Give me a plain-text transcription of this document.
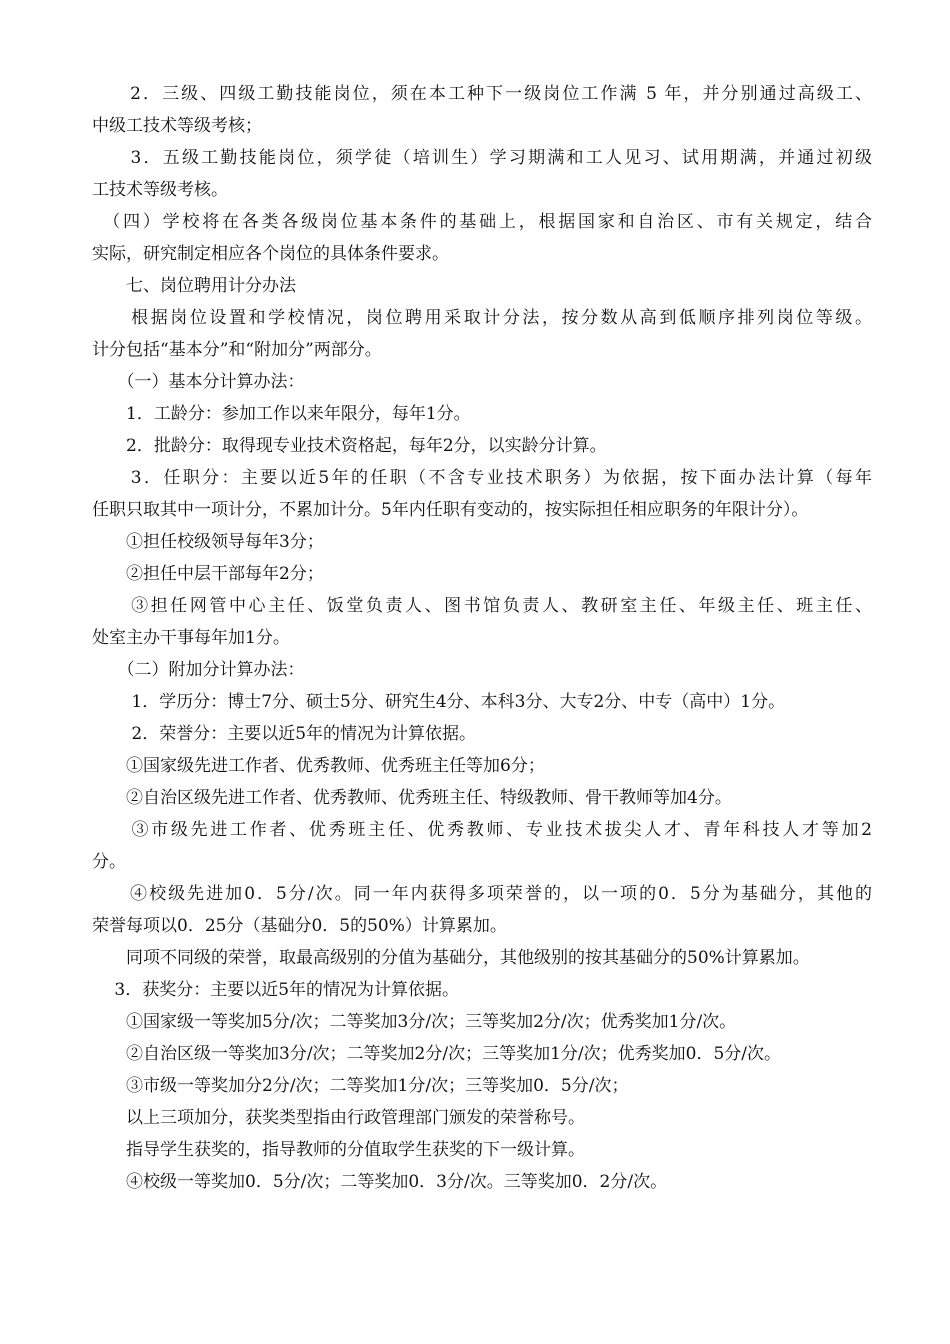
　　2．三级、四级工勤技能岗位，须在本工种下一级岗位工作满 5 年，并分别通过高级工、
中级工技术等级考核；
　　3．五级工勤技能岗位，须学徒（培训生）学习期满和工人见习、试用期满，并通过初级
工技术等级考核。
　（四）学校将在各类各级岗位基本条件的基础上，根据国家和自治区、市有关规定，结合
实际，研究制定相应各个岗位的具体条件要求。
　　七、岗位聘用计分办法
　　根据岗位设置和学校情况，岗位聘用采取计分法，按分数从高到低顺序排列岗位等级。
计分包括“基本分”和“附加分”两部分。
　　（一）基本分计算办法：
　　1．工龄分：参加工作以来年限分，每年1分。
　　2．批龄分：取得现专业技术资格起，每年2分，以实龄分计算。
　　3．任职分：主要以近5年的任职（不含专业技术职务）为依据，按下面办法计算（每年
任职只取其中一项计分，不累加计分。5年内任职有变动的，按实际担任相应职务的年限计分）。
　　①担任校级领导每年3分；
　　②担任中层干部每年2分；
　　③担任网管中心主任、饭堂负责人、图书馆负责人、教研室主任、年级主任、班主任、
处室主办干事每年加1分。
　　（二）附加分计算办法：
　　 1．学历分：博士7分、硕士5分、研究生4分、本科3分、大专2分、中专（高中）1分。
　　 2．荣誉分：主要以近5年的情况为计算依据。
　　①国家级先进工作者、优秀教师、优秀班主任等加6分；
　　②自治区级先进工作者、优秀教师、优秀班主任、特级教师、骨干教师等加4分。
　　③市级先进工作者、优秀班主任、优秀教师、专业技术拔尖人才、青年科技人才等加2
分。
　　④校级先进加0．5分/次。同一年内获得多项荣誉的，以一项的0．5分为基础分，其他的
荣誉每项以0．25分（基础分0．5的50%）计算累加。
　　同项不同级的荣誉，取最高级别的分值为基础分，其他级别的按其基础分的50%计算累加。
　 3．获奖分：主要以近5年的情况为计算依据。
　　①国家级一等奖加5分/次；二等奖加3分/次；三等奖加2分/次；优秀奖加1分/次。
　　②自治区级一等奖加3分/次；二等奖加2分/次；三等奖加1分/次；优秀奖加0．5分/次。
　　③市级一等奖加分2分/次；二等奖加1分/次；三等奖加0．5分/次；
　　以上三项加分，获奖类型指由行政管理部门颁发的荣誉称号。
　　指导学生获奖的，指导教师的分值取学生获奖的下一级计算。
　　④校级一等奖加0．5分/次；二等奖加0．3分/次。三等奖加0．2分/次。
